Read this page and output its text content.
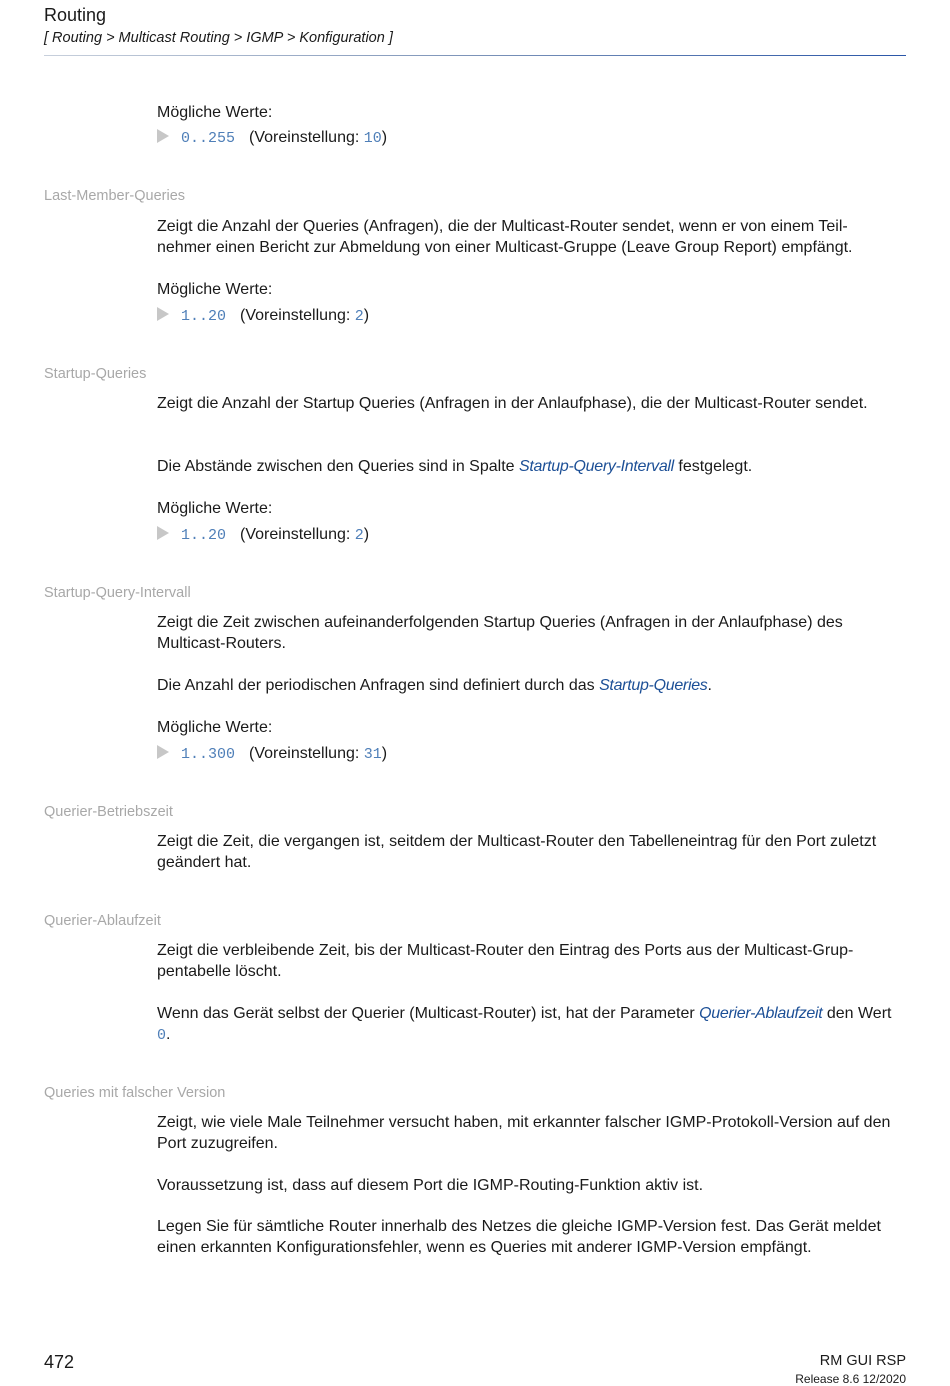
Routing
[ Routing > Multicast Routing > IGMP > Konfiguration ]
Mögliche Werte:
0..255 (Voreinstellung: 10)
Last-Member-Queries
Zeigt die Anzahl der Queries (Anfragen), die der Multicast-Router sendet, wenn er von einem Teil-
nehmer einen Bericht zur Abmeldung von einer Multicast-Gruppe (Leave Group Report) empfängt.
Mögliche Werte:
1..20 (Voreinstellung: 2)
Startup-Queries
Zeigt die Anzahl der Startup Queries (Anfragen in der Anlaufphase), die der Multicast-Router sendet.
Die Abstände zwischen den Queries sind in Spalte Startup-Query-Intervall festgelegt.
Mögliche Werte:
1..20 (Voreinstellung: 2)
Startup-Query-Intervall
Zeigt die Zeit zwischen aufeinanderfolgenden Startup Queries (Anfragen in der Anlaufphase) des Multicast-Routers.
Die Anzahl der periodischen Anfragen sind definiert durch das Startup-Queries.
Mögliche Werte:
1..300 (Voreinstellung: 31)
Querier-Betriebszeit
Zeigt die Zeit, die vergangen ist, seitdem der Multicast-Router den Tabelleneintrag für den Port zuletzt geändert hat.
Querier-Ablaufzeit
Zeigt die verbleibende Zeit, bis der Multicast-Router den Eintrag des Ports aus der Multicast-Grup-
pentabelle löscht.
Wenn das Gerät selbst der Querier (Multicast-Router) ist, hat der Parameter Querier-Ablaufzeit den Wert 0.
Queries mit falscher Version
Zeigt, wie viele Male Teilnehmer versucht haben, mit erkannter falscher IGMP-Protokoll-Version auf den Port zuzugreifen.
Voraussetzung ist, dass auf diesem Port die IGMP-Routing-Funktion aktiv ist.
Legen Sie für sämtliche Router innerhalb des Netzes die gleiche IGMP-Version fest. Das Gerät meldet einen erkannten Konfigurationsfehler, wenn es Queries mit anderer IGMP-Version empfängt.
472	RM GUI RSP
Release 8.6 12/2020
